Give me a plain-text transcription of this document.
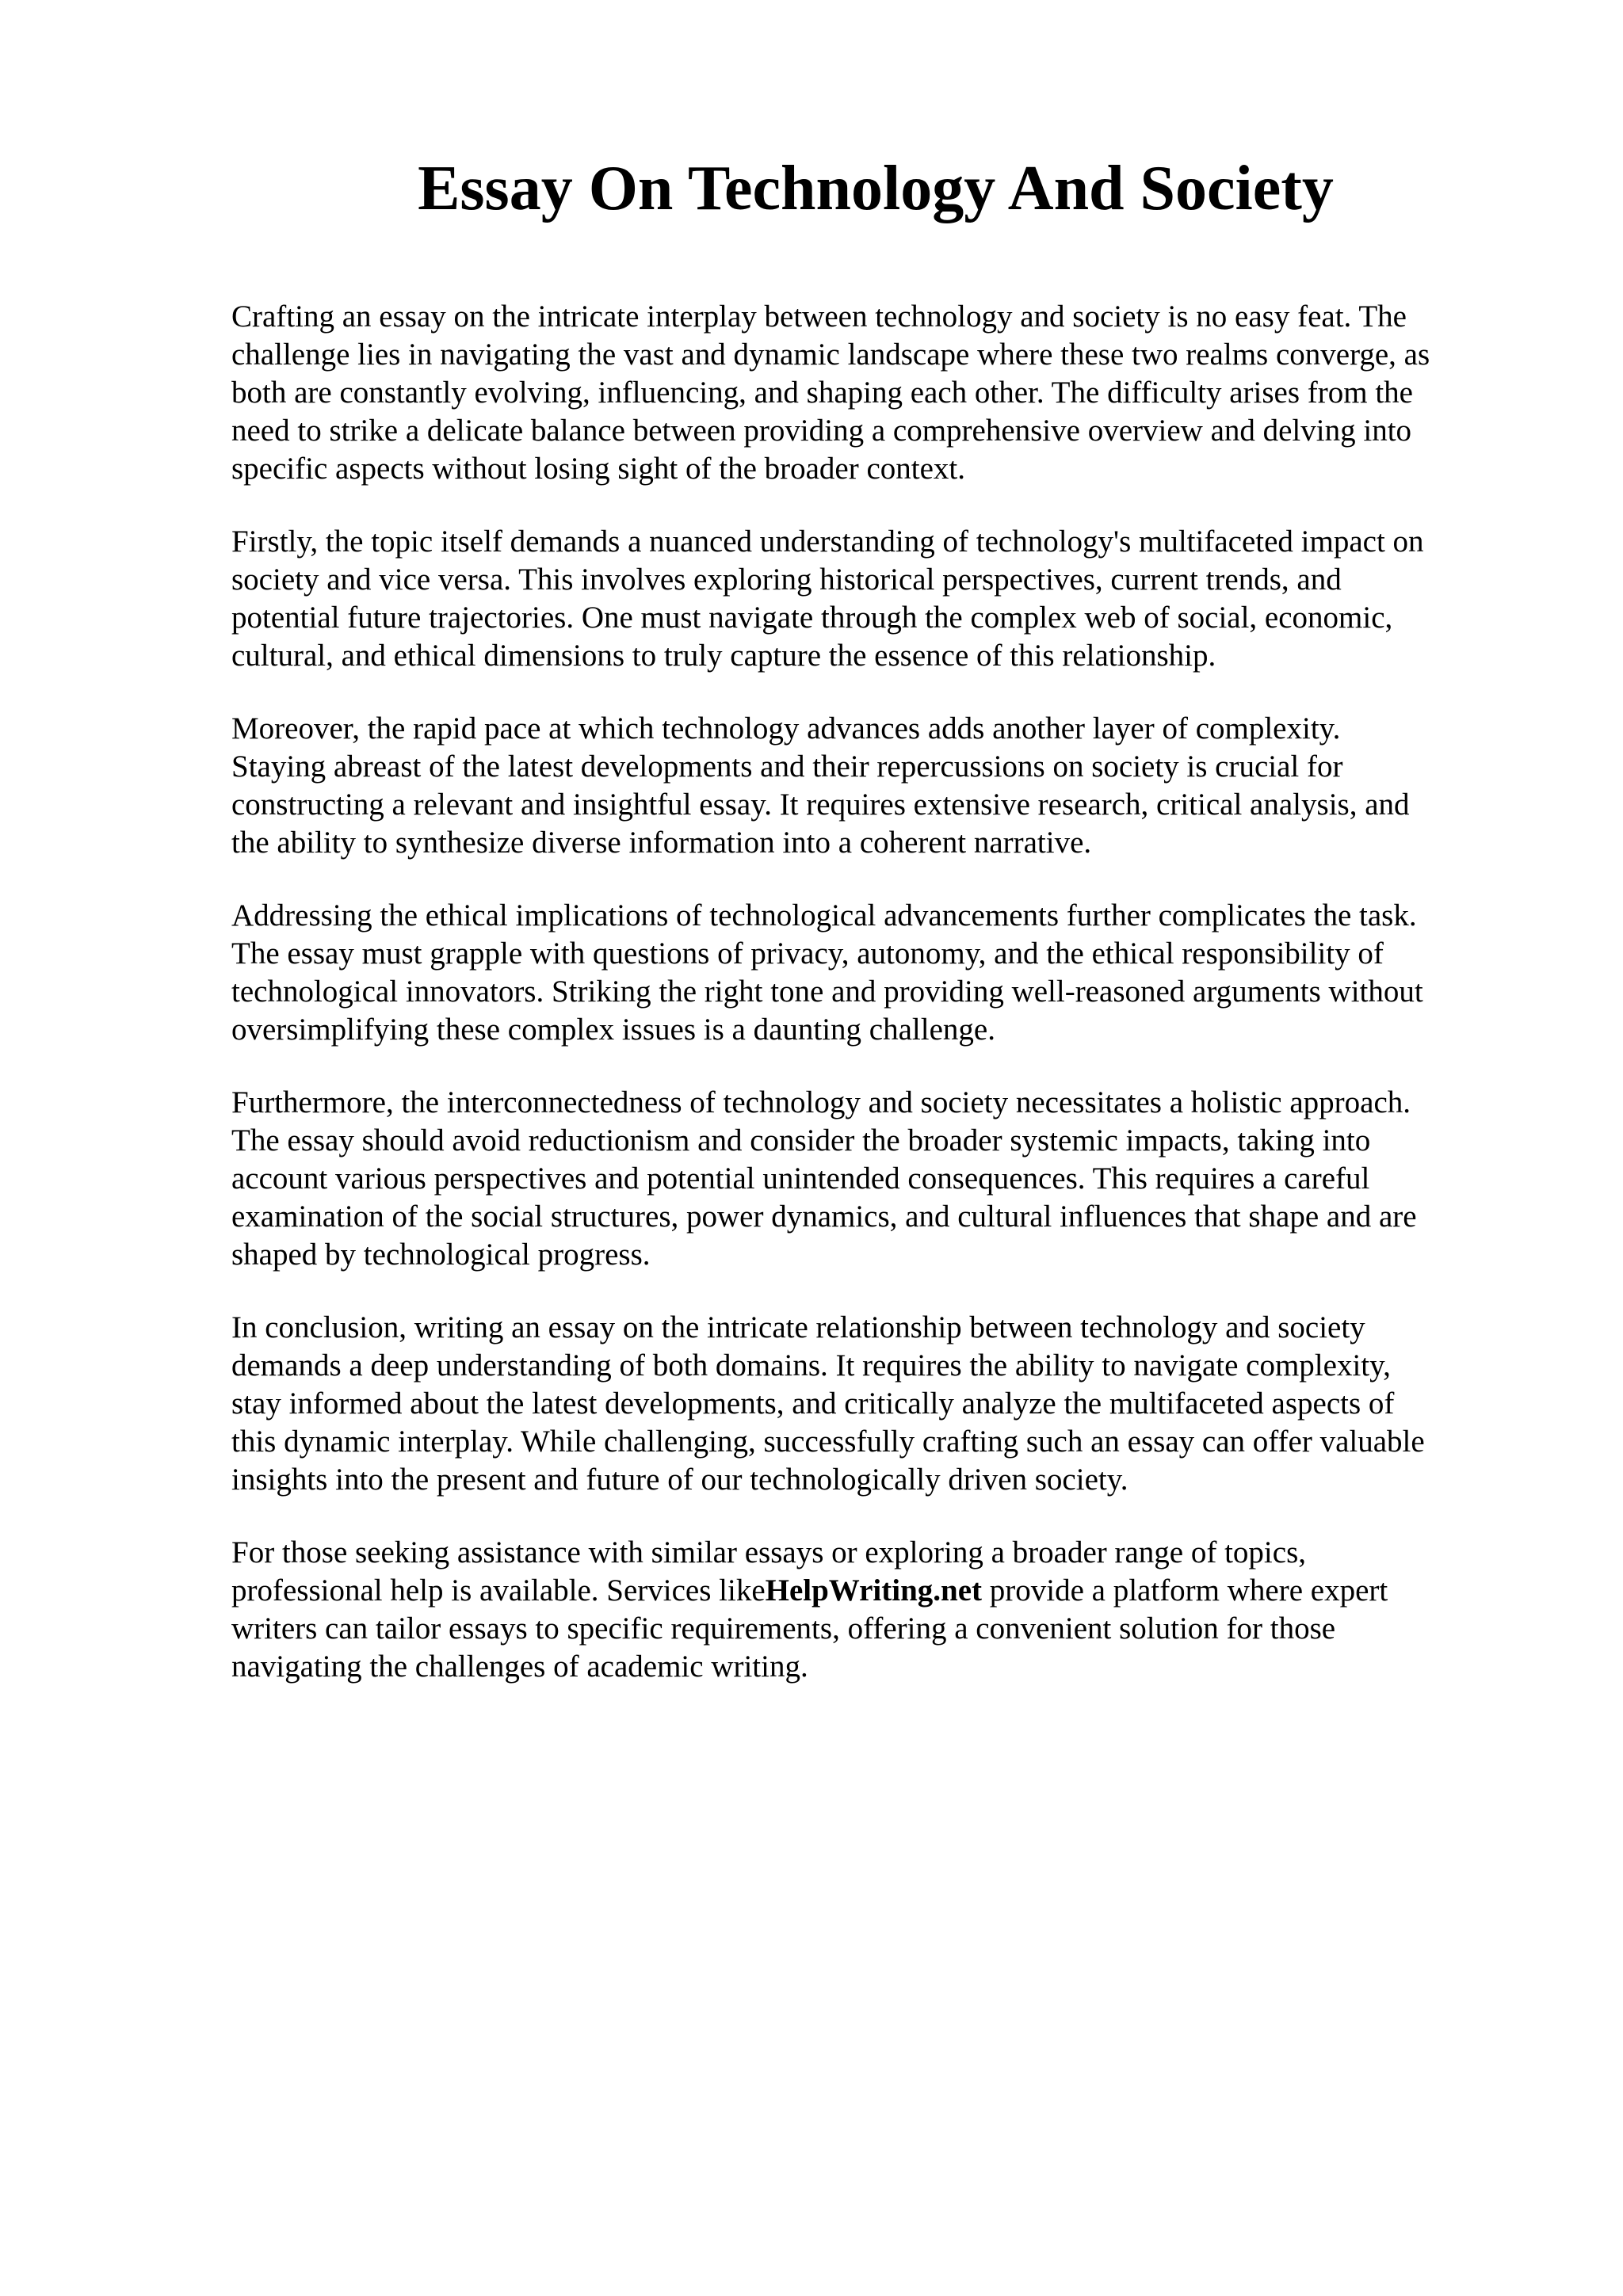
Essay On Technology And Society

Crafting an essay on the intricate interplay between technology and society is no easy feat. The
challenge lies in navigating the vast and dynamic landscape where these two realms converge, as
both are constantly evolving, influencing, and shaping each other. The difficulty arises from the
need to strike a delicate balance between providing a comprehensive overview and delving into
specific aspects without losing sight of the broader context.

Firstly, the topic itself demands a nuanced understanding of technology's multifaceted impact on
society and vice versa. This involves exploring historical perspectives, current trends, and
potential future trajectories. One must navigate through the complex web of social, economic,
cultural, and ethical dimensions to truly capture the essence of this relationship.

Moreover, the rapid pace at which technology advances adds another layer of complexity.
Staying abreast of the latest developments and their repercussions on society is crucial for
constructing a relevant and insightful essay. It requires extensive research, critical analysis, and
the ability to synthesize diverse information into a coherent narrative.

Addressing the ethical implications of technological advancements further complicates the task.
The essay must grapple with questions of privacy, autonomy, and the ethical responsibility of
technological innovators. Striking the right tone and providing well-reasoned arguments without
oversimplifying these complex issues is a daunting challenge.

Furthermore, the interconnectedness of technology and society necessitates a holistic approach.
The essay should avoid reductionism and consider the broader systemic impacts, taking into
account various perspectives and potential unintended consequences. This requires a careful
examination of the social structures, power dynamics, and cultural influences that shape and are
shaped by technological progress.

In conclusion, writing an essay on the intricate relationship between technology and society
demands a deep understanding of both domains. It requires the ability to navigate complexity,
stay informed about the latest developments, and critically analyze the multifaceted aspects of
this dynamic interplay. While challenging, successfully crafting such an essay can offer valuable
insights into the present and future of our technologically driven society.

For those seeking assistance with similar essays or exploring a broader range of topics,
professional help is available. Services likeHelpWriting.net provide a platform where expert
writers can tailor essays to specific requirements, offering a convenient solution for those
navigating the challenges of academic writing.
